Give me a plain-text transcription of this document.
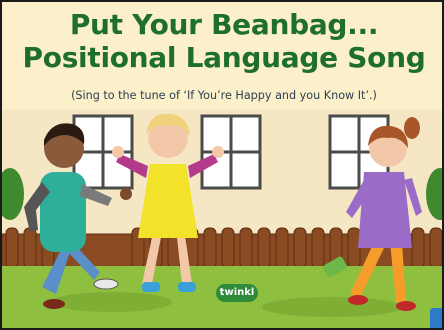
Put Your Beanbag...
Positional Language Song
(Sing to the tune of ‘If You’re Happy and you Know It’.)
twinkl
